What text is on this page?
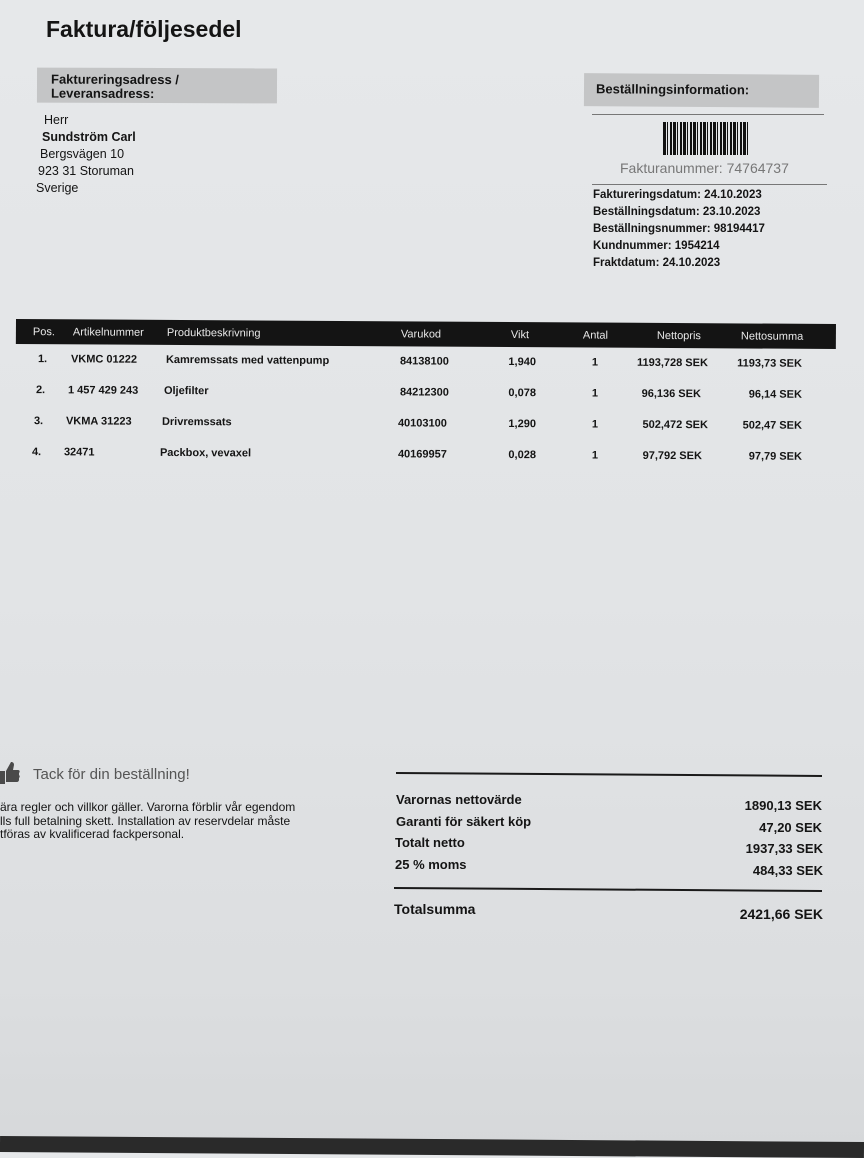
Faktura/följesedel
Faktureringsadress /
Leveransadress:
Herr
Sundström Carl
Bergsvägen 10
923 31 Storuman
Sverige
Beställningsinformation:
Fakturanummer: 74764737
Faktureringsdatum: 24.10.2023
Beställningsdatum: 23.10.2023
Beställningsnummer: 98194417
Kundnummer: 1954214
Fraktdatum: 24.10.2023
Pos. Artikelnummer Produktbeskrivning	Varukod	Vikt	Antal	Nettopris	Nettosumma
1. VKMC 01222	Kamremssats med vattenpump	84138100	1,940	1	1193,728 SEK	1193,73 SEK
2. 1 457 429 243 Oljefilter	84212300	0,078	1	96,136 SEK	96,14 SEK
3. VKMA 31223	Drivremssats	40103100	1,290	1	502,472 SEK	502,47 SEK
4. 32471	Packbox, vevaxel	40169957	0,028	1	97,792 SEK	97,79 SEK
Tack för din beställning!
ära regler och villkor gäller. Varorna förblir vår egendom
lls full betalning skett. Installation av reservdelar måste
tföras av kvalificerad fackpersonal.
Varornas nettovärde	1890,13 SEK
Garanti för säkert köp	47,20 SEK
Totalt netto	1937,33 SEK
25 % moms	484,33 SEK
Totalsumma	2421,66 SEK
